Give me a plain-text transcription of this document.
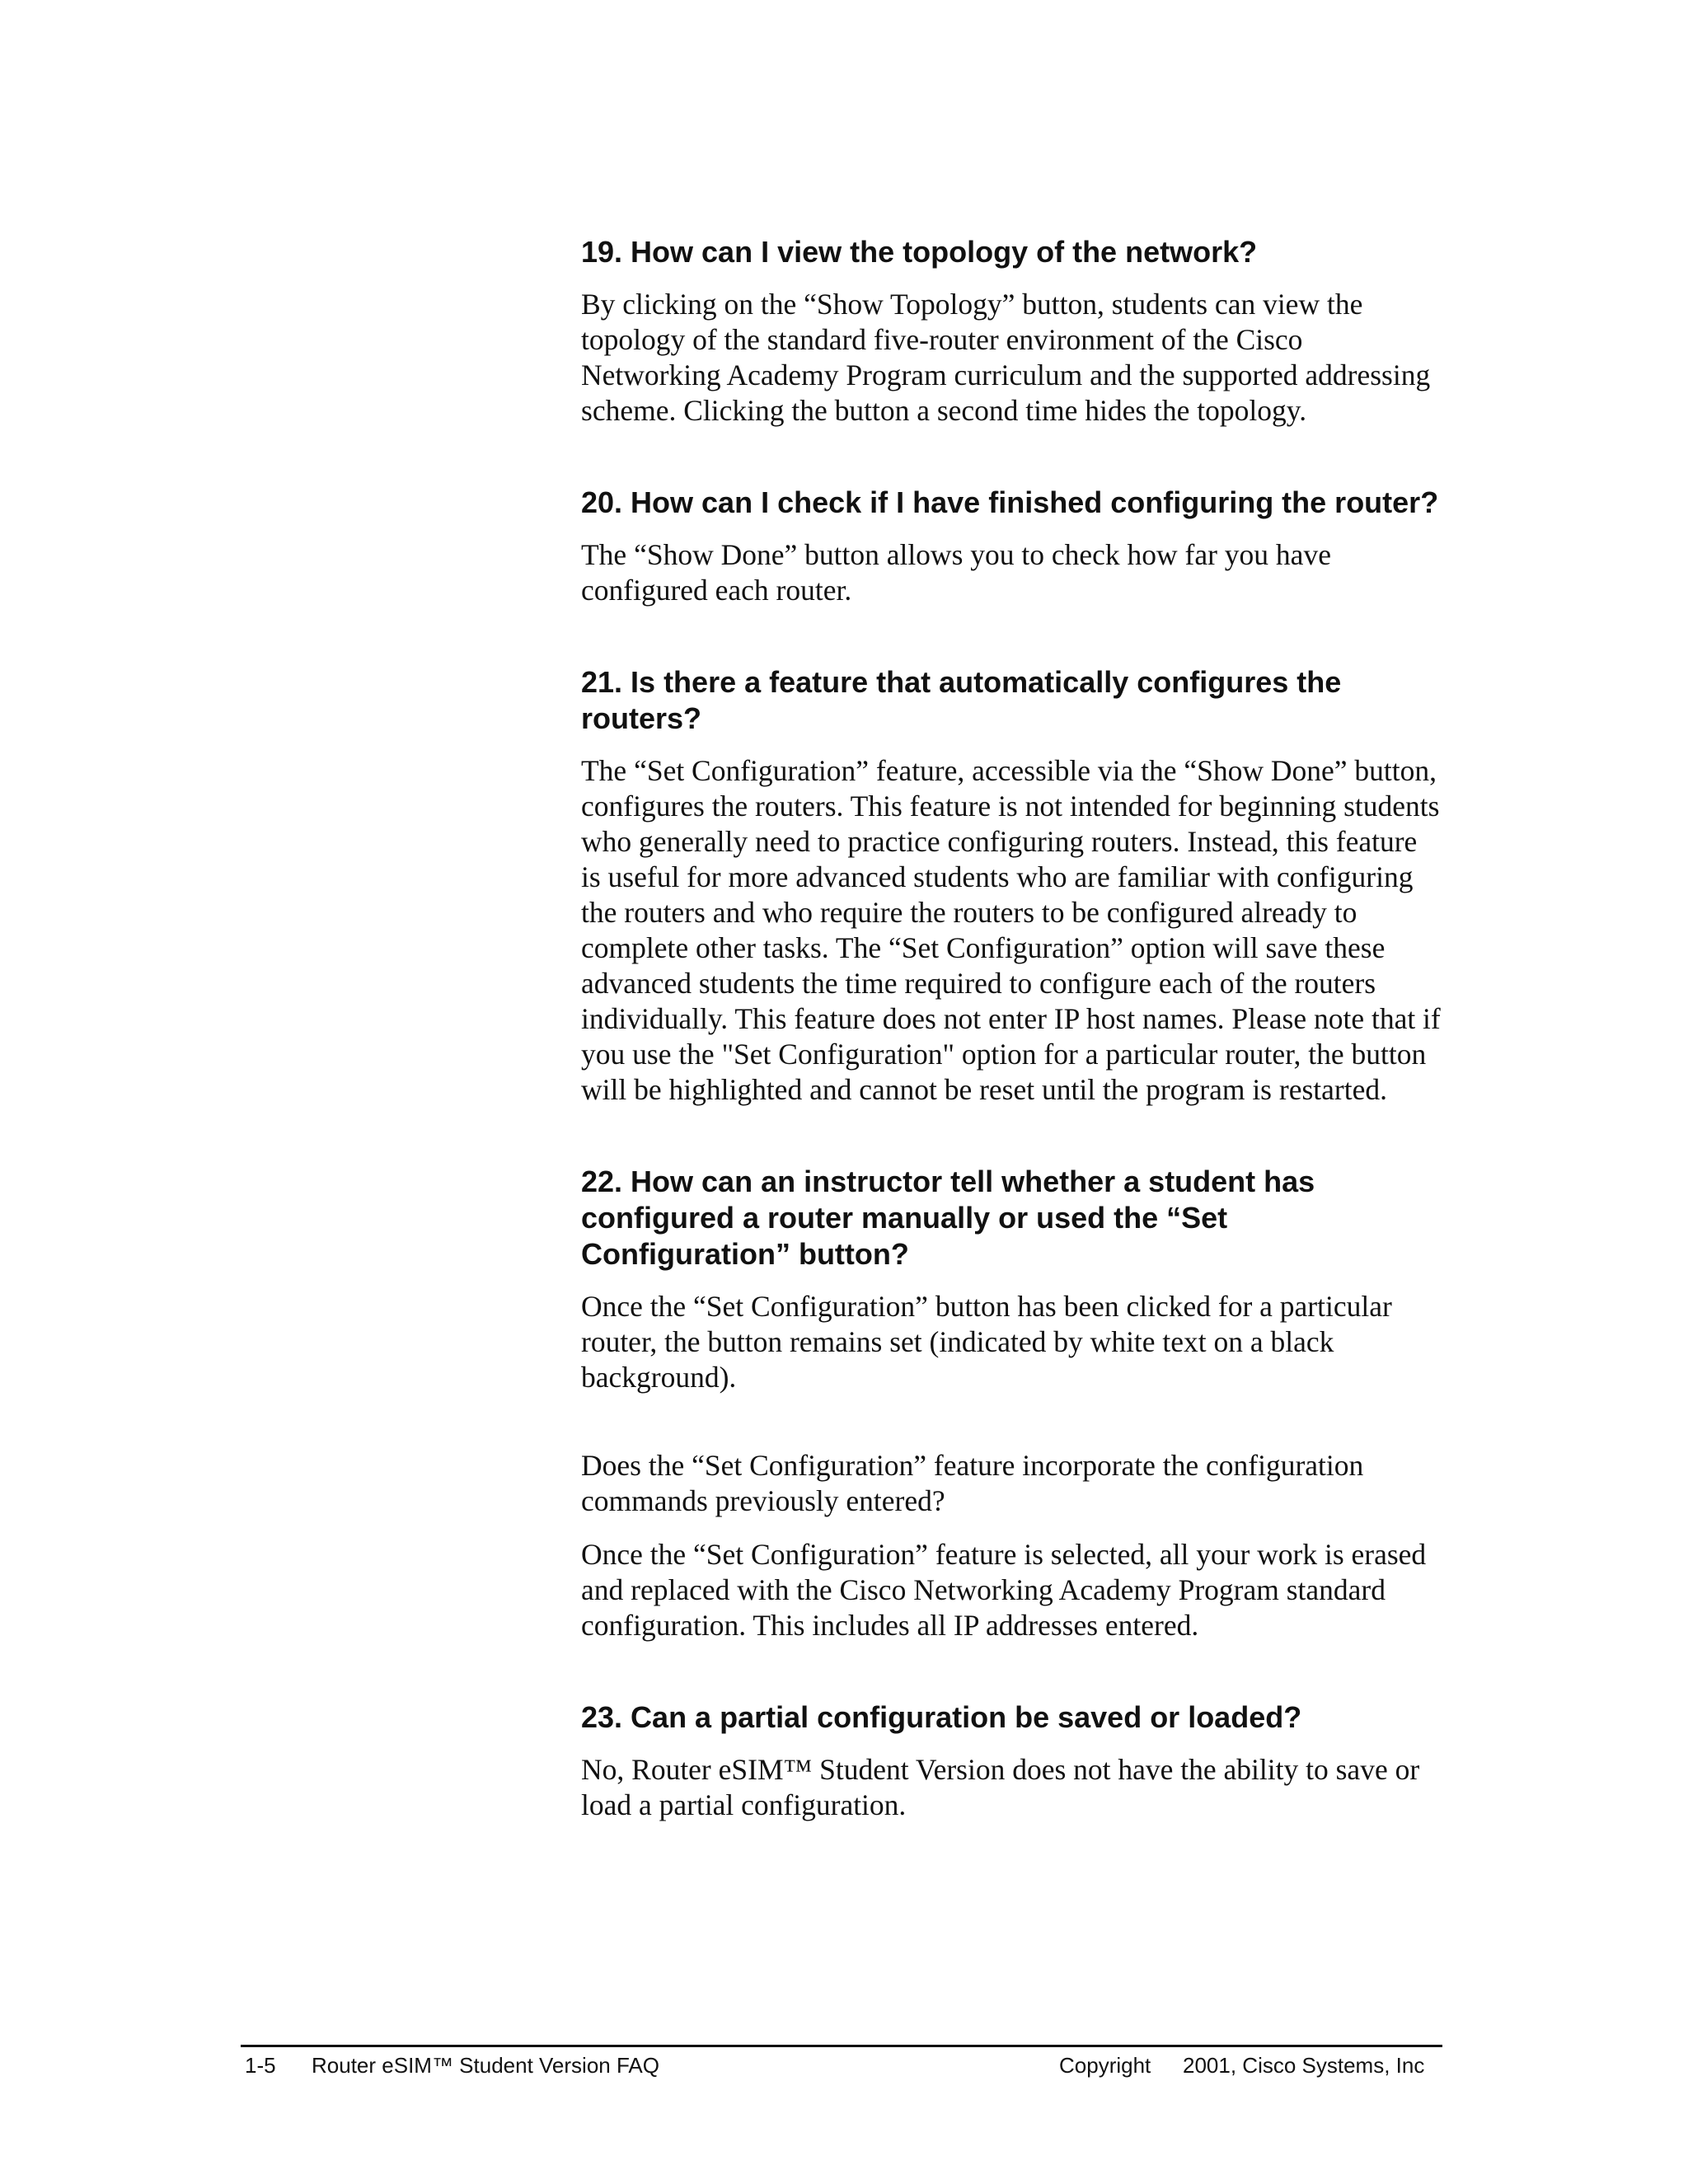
19. How can I view the topology of the network?

By clicking on the “Show Topology” button, students can view the topology of the standard five-router environment of the Cisco Networking Academy Program curriculum and the supported addressing scheme. Clicking the button a second time hides the topology.

20. How can I check if I have finished configuring the router?

The “Show Done” button allows you to check how far you have configured each router.

21. Is there a feature that automatically configures the routers?

The “Set Configuration” feature, accessible via the “Show Done” button, configures the routers. This feature is not intended for beginning students who generally need to practice configuring routers. Instead, this feature is useful for more advanced students who are familiar with configuring the routers and who require the routers to be configured already to complete other tasks. The “Set Configuration” option will save these advanced students the time required to configure each of the routers individually. This feature does not enter IP host names. Please note that if you use the "Set Configuration" option for a particular router, the button will be highlighted and cannot be reset until the program is restarted.

22. How can an instructor tell whether a student has configured a router manually or used the “Set Configuration” button?

Once the “Set Configuration” button has been clicked for a particular router, the button remains set (indicated by white text on a black background).

Does the “Set Configuration” feature incorporate the configuration commands previously entered?

Once the “Set Configuration” feature is selected, all your work is erased and replaced with the Cisco Networking Academy Program standard configuration. This includes all IP addresses entered.

23. Can a partial configuration be saved or loaded?

No, Router eSIM™ Student Version does not have the ability to save or load a partial configuration.

1-5 Router eSIM™ Student Version FAQ	Copyright 2001, Cisco Systems, Inc
